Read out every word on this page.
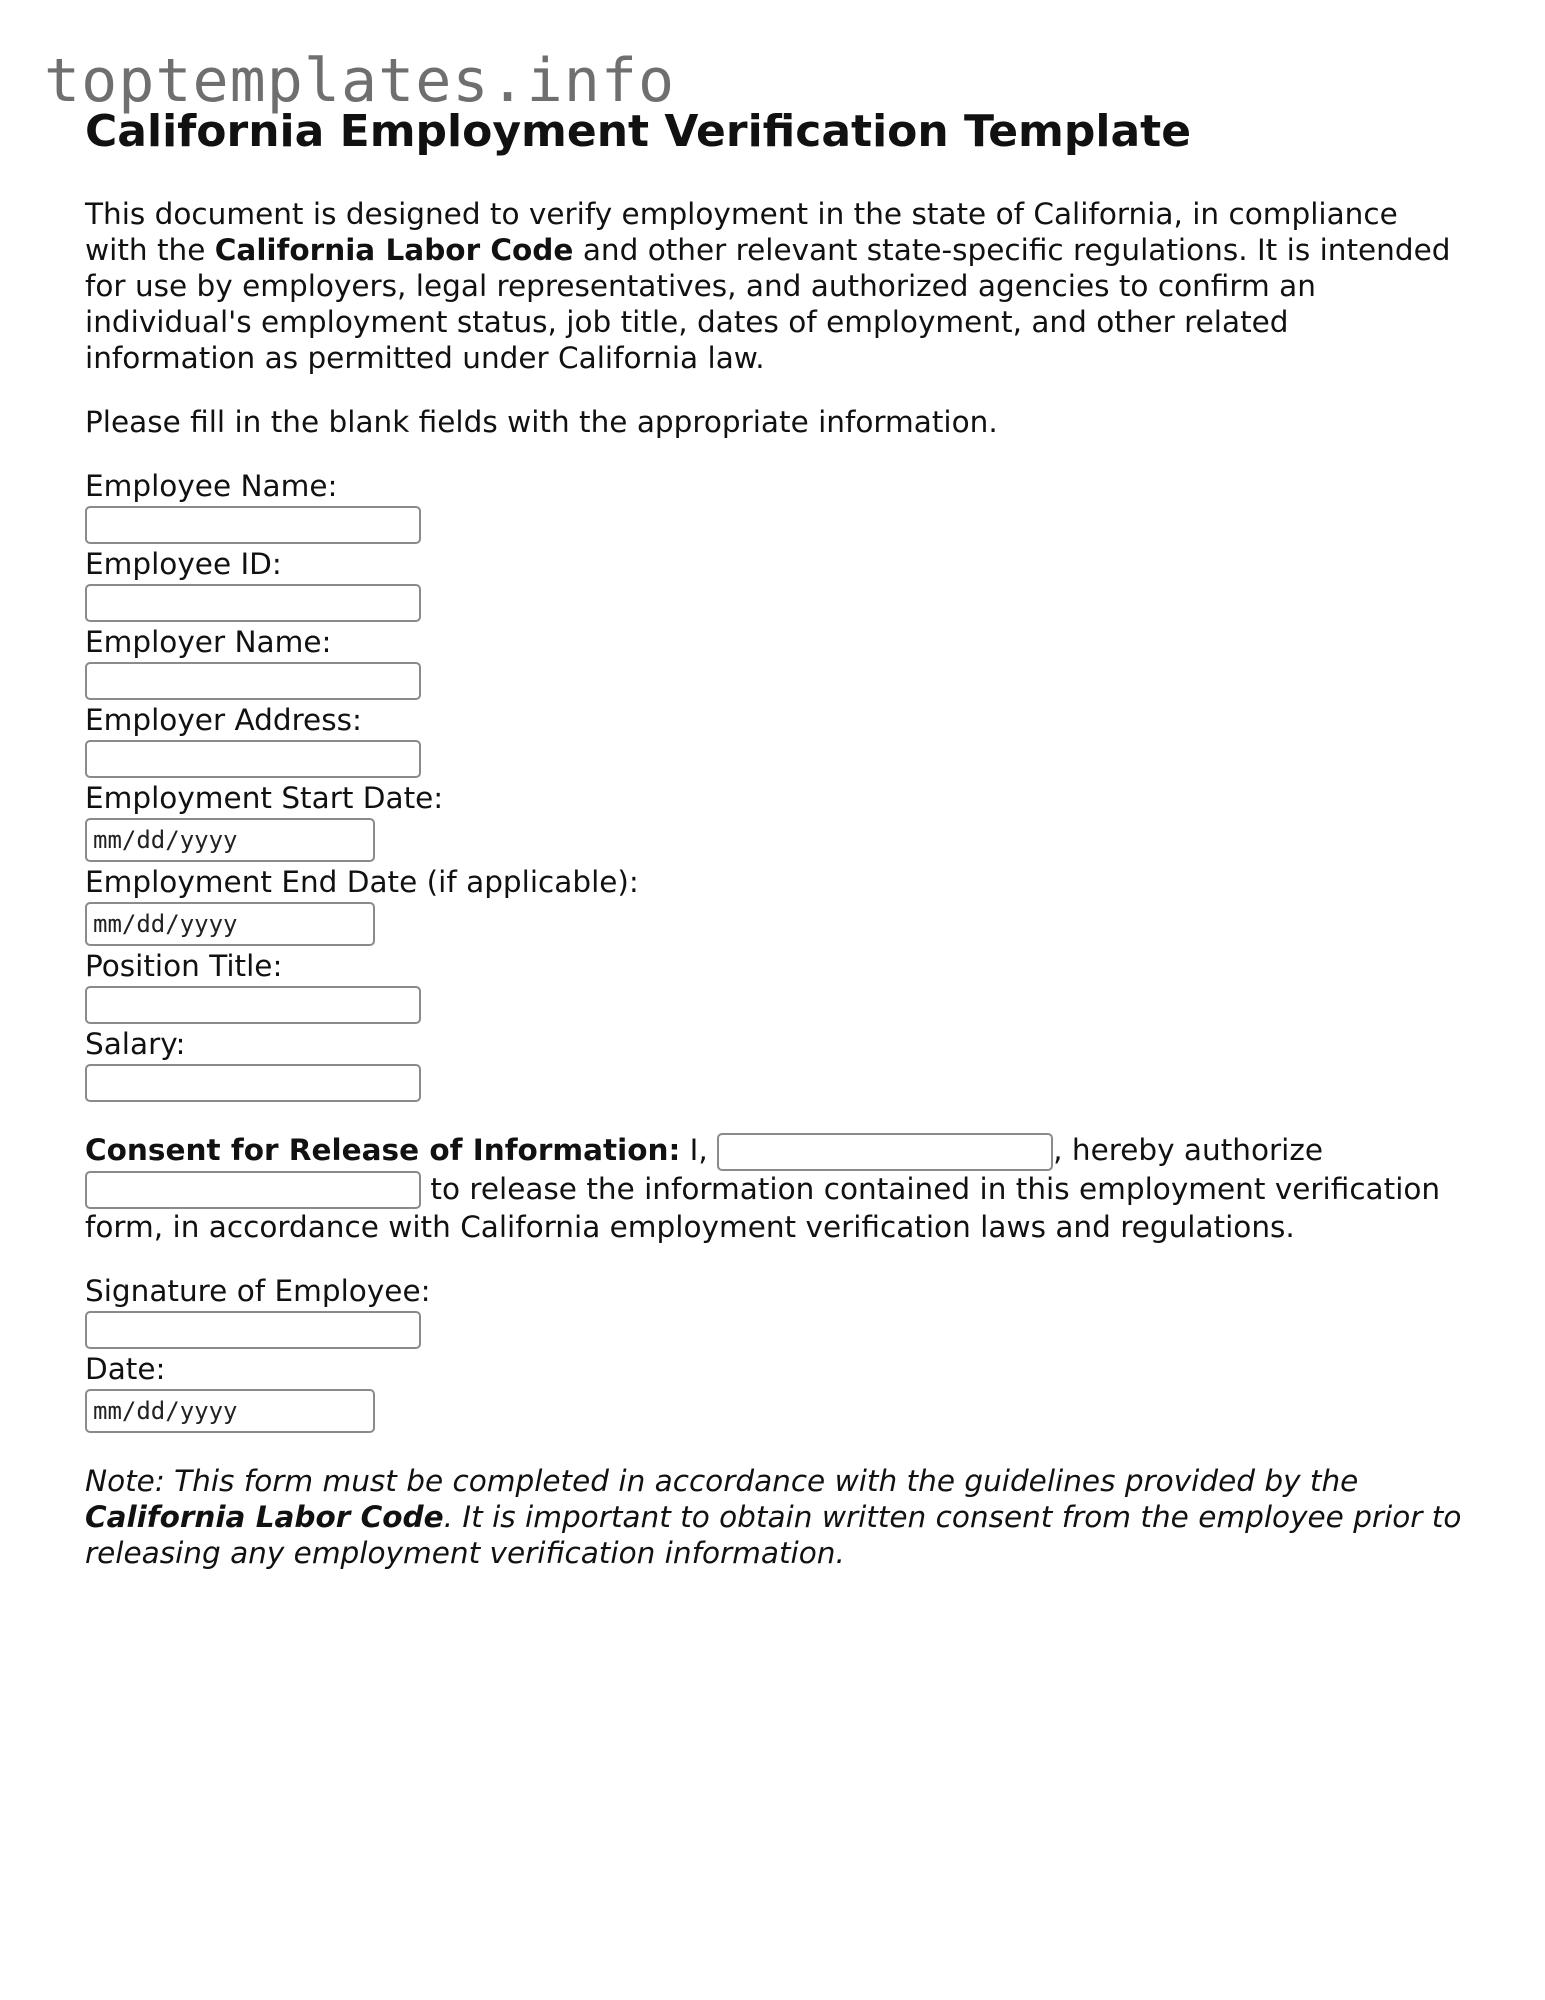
toptemplates.info
California Employment Verification Template
This document is designed to verify employment in the state of California, in compliance with the California Labor Code and other relevant state-specific regulations. It is intended for use by employers, legal representatives, and authorized agencies to confirm an individual's employment status, job title, dates of employment, and other related information as permitted under California law.
Please fill in the blank fields with the appropriate information.
Employee Name:
Employee ID:
Employer Name:
Employer Address:
Employment Start Date:
mm/dd/yyyy
Employment End Date (if applicable):
mm/dd/yyyy
Position Title:
Salary:
Consent for Release of Information: I,	, hereby authorize
to release the information contained in this employment verification form, in accordance with California employment verification laws and regulations.
Signature of Employee:
Date:
mm/dd/yyyy
Note: This form must be completed in accordance with the guidelines provided by the California Labor Code. It is important to obtain written consent from the employee prior to releasing any employment verification information.
